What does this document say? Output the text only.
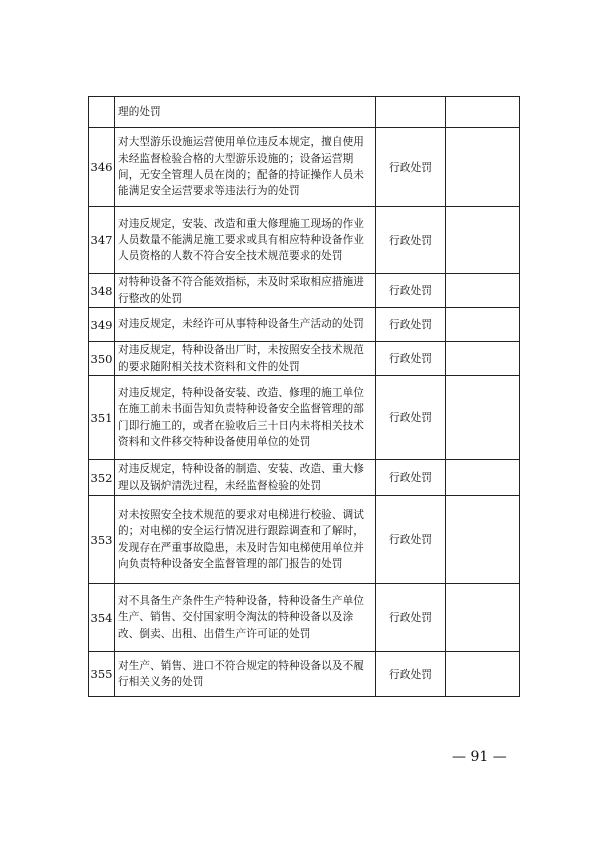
	理的处罚		
346	对大型游乐设施运营使用单位违反本规定，擅自使用未经监督检验合格的大型游乐设施的；设备运营期间，无安全管理人员在岗的；配备的持证操作人员未能满足安全运营要求等违法行为的处罚	行政处罚	
347	对违反规定，安装、改造和重大修理施工现场的作业人员数量不能满足施工要求或具有相应特种设备作业人员资格的人数不符合安全技术规范要求的处罚	行政处罚	
348	对特种设备不符合能效指标，未及时采取相应措施进行整改的处罚	行政处罚	
349	对违反规定，未经许可从事特种设备生产活动的处罚	行政处罚	
350	对违反规定，特种设备出厂时，未按照安全技术规范的要求随附相关技术资料和文件的处罚	行政处罚	
351	对违反规定，特种设备安装、改造、修理的施工单位在施工前未书面告知负责特种设备安全监督管理的部门即行施工的，或者在验收后三十日内未将相关技术资料和文件移交特种设备使用单位的处罚	行政处罚	
352	对违反规定，特种设备的制造、安装、改造、重大修理以及锅炉清洗过程，未经监督检验的处罚	行政处罚	
353	对未按照安全技术规范的要求对电梯进行校验、调试的；对电梯的安全运行情况进行跟踪调查和了解时，发现存在严重事故隐患，未及时告知电梯使用单位并向负责特种设备安全监督管理的部门报告的处罚	行政处罚	
354	对不具备生产条件生产特种设备，特种设备生产单位生产、销售、交付国家明令淘汰的特种设备以及涂改、倒卖、出租、出借生产许可证的处罚	行政处罚	
355	对生产、销售、进口不符合规定的特种设备以及不履行相关义务的处罚	行政处罚	
— 91 —
